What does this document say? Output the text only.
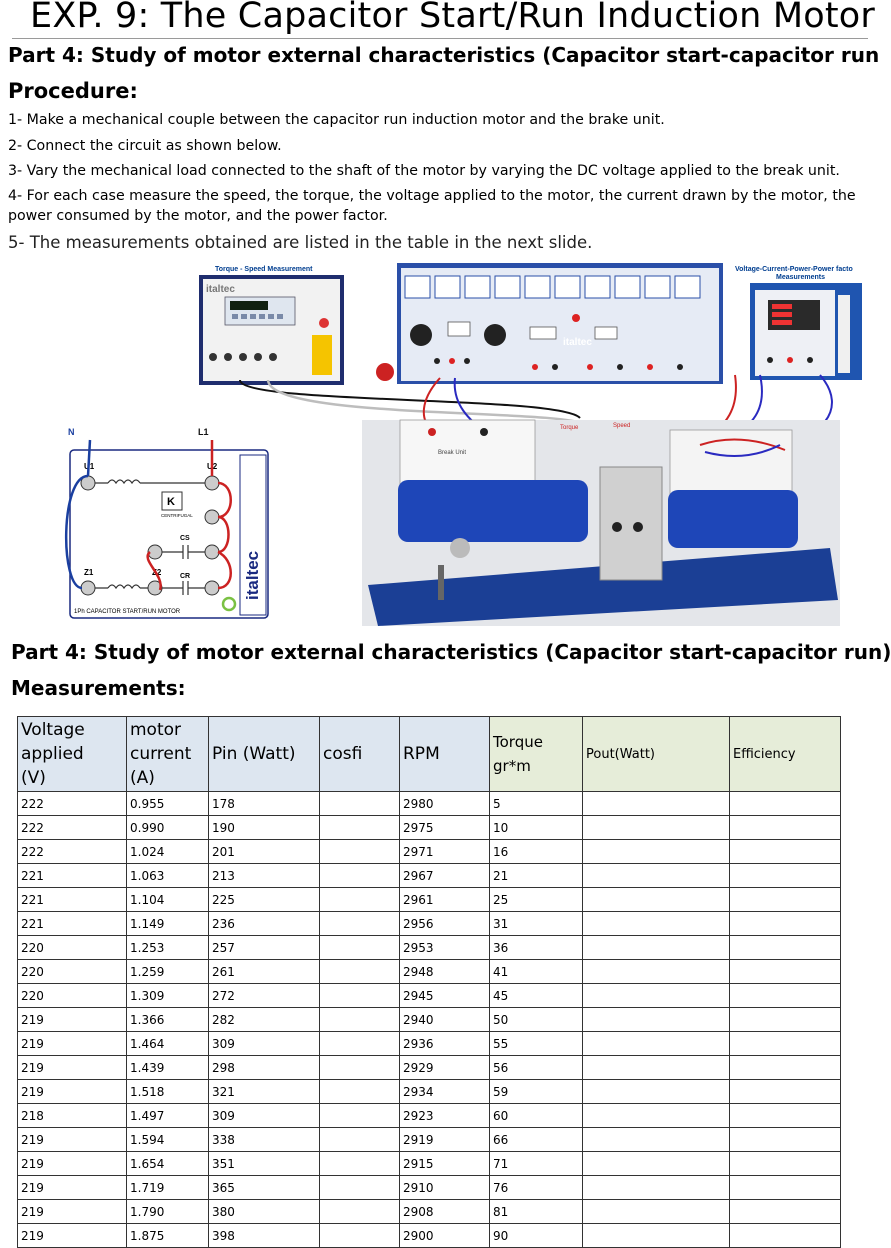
EXP. 9: The Capacitor Start/Run Induction Motor
Part 4: Study of motor external characteristics (Capacitor start-capacitor run
Procedure:
1- Make a mechanical couple between the capacitor run induction motor and the brake unit.
2- Connect the circuit as shown below.
3- Vary the mechanical load connected to the shaft of the motor by varying the DC voltage applied to the break unit.
4- For each case measure the speed, the torque, the voltage applied to the motor, the current drawn by the motor, the power consumed by the motor, and the power factor.
5- The measurements obtained are listed in the table in the next slide.
Torque - Speed Measurement
italtec
italtec
Voltage-Current-Power-Power facto
Measurements
N	L1
italtec
U1	U2
Z1	Z2
K
CENTRIFUGAL
CS
CR
1Ph CAPACITOR START/RUN MOTOR
Break Unit
Torque	Speed
Part 4: Study of motor external characteristics (Capacitor start-capacitor run)
Measurements:
Voltage
applied
(V)	motor
current
(A)	Pin (Watt)	cosfi	RPM	Torque
gr*m	Pout(Watt)	Efficiency
222	0.955	178		2980	5		
222	0.990	190		2975	10		
222	1.024	201		2971	16		
221	1.063	213		2967	21		
221	1.104	225		2961	25		
221	1.149	236		2956	31		
220	1.253	257		2953	36		
220	1.259	261		2948	41		
220	1.309	272		2945	45		
219	1.366	282		2940	50		
219	1.464	309		2936	55		
219	1.439	298		2929	56		
219	1.518	321		2934	59		
218	1.497	309		2923	60		
219	1.594	338		2919	66		
219	1.654	351		2915	71		
219	1.719	365		2910	76		
219	1.790	380		2908	81		
219	1.875	398		2900	90		
